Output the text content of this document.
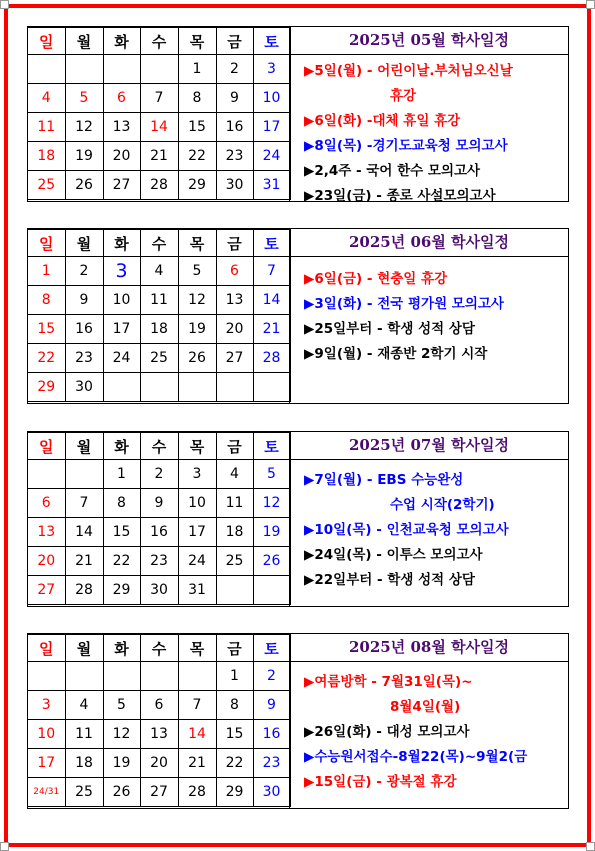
일	월	화	수	목	금	토
				1	2	3
4	5	6	7	8	9	10
11	12	13	14	15	16	17
18	19	20	21	22	23	24
25	26	27	28	29	30	31
2025년 05월 학사일정
▶5일(월) - 어린이날.부처님오신날
휴강
▶6일(화) -대체 휴일 휴강
▶8일(목) -경기도교육청 모의고사
▶2,4주 - 국어 한수 모의고사
▶23일(금) - 종로 사설모의고사
일	월	화	수	목	금	토
1	2	3	4	5	6	7
8	9	10	11	12	13	14
15	16	17	18	19	20	21
22	23	24	25	26	27	28
29	30					
2025년 06월 학사일정
▶6일(금) - 현충일 휴강
▶3일(화) - 전국 평가원 모의고사
▶25일부터 - 학생 성적 상담
▶9일(월) - 재종반 2학기 시작
일	월	화	수	목	금	토
		1	2	3	4	5
6	7	8	9	10	11	12
13	14	15	16	17	18	19
20	21	22	23	24	25	26
27	28	29	30	31		
2025년 07월 학사일정
▶7일(월) - EBS 수능완성
수업 시작(2학기)
▶10일(목) - 인천교육청 모의고사
▶24일(목) - 이투스 모의고사
▶22일부터 - 학생 성적 상담
일	월	화	수	목	금	토
					1	2
3	4	5	6	7	8	9
10	11	12	13	14	15	16
17	18	19	20	21	22	23
24/31	25	26	27	28	29	30
2025년 08월 학사일정
▶여름방학 - 7월31일(목)~
8월4일(월)
▶26일(화) - 대성 모의고사
▶수능원서접수-8월22(목)~9월2(금
▶15일(금) - 광복절 휴강
